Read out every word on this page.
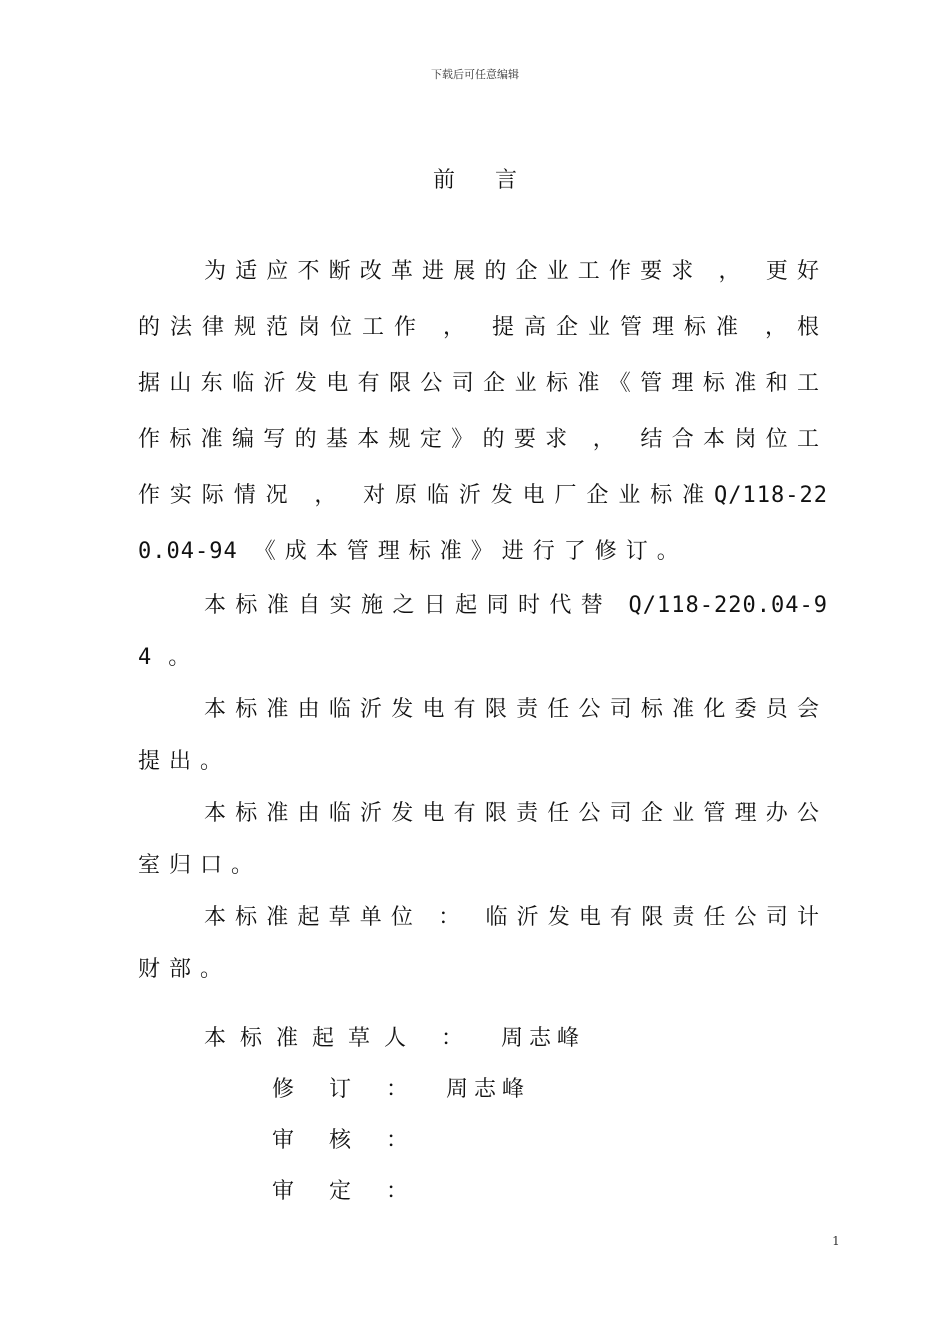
下载后可任意编辑
前言

为适应不断改革进展的企业工作要求 ， 更好的法律规范岗位工作 ， 提高企业管理标准 ，根据山东临沂发电有限公司企业标准《管理标准和工作标准编写的基本规定》的要求 ， 结合本岗位工作实际情况 ， 对原临沂发电厂企业标准Q/118-220.04-94 《成本管理标准》进行了修订。

本标准自实施之日起同时代替 Q/118-220.04-94 。

本标准由临沂发电有限责任公司标准化委员会提出。

本标准由临沂发电有限责任公司企业管理办公室归口。

本标准起草单位 ： 临沂发电有限责任公司计财部。

本标准起草人 ： 周志峰
修 订 ： 周志峰
审 核 ：
审 定 ：
1
